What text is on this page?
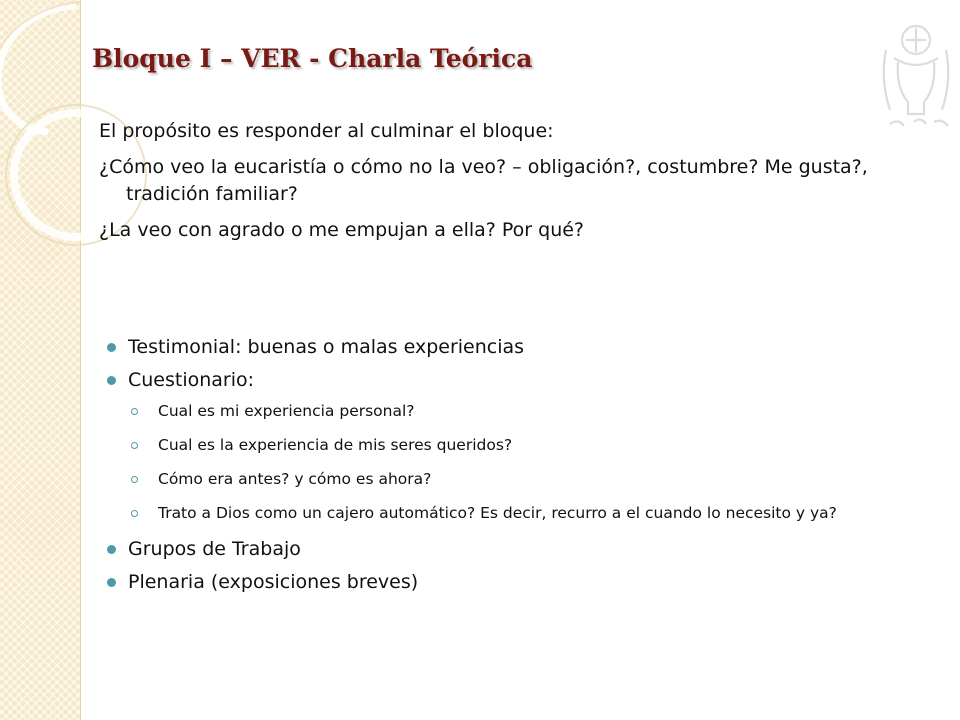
Bloque I – VER - Charla Teórica

El propósito es responder al culminar el bloque:

¿Cómo veo la eucaristía o cómo no la veo? – obligación?, costumbre? Me gusta?, tradición familiar?

¿La veo con agrado o me empujan a ella? Por qué?

Testimonial: buenas o malas experiencias
Cuestionario:
Cual es mi experiencia personal?
Cual es la experiencia de mis seres queridos?
Cómo era antes? y cómo es ahora?
Trato a Dios como un cajero automático? Es decir, recurro a el cuando lo necesito y ya?
Grupos de Trabajo
Plenaria (exposiciones breves)
